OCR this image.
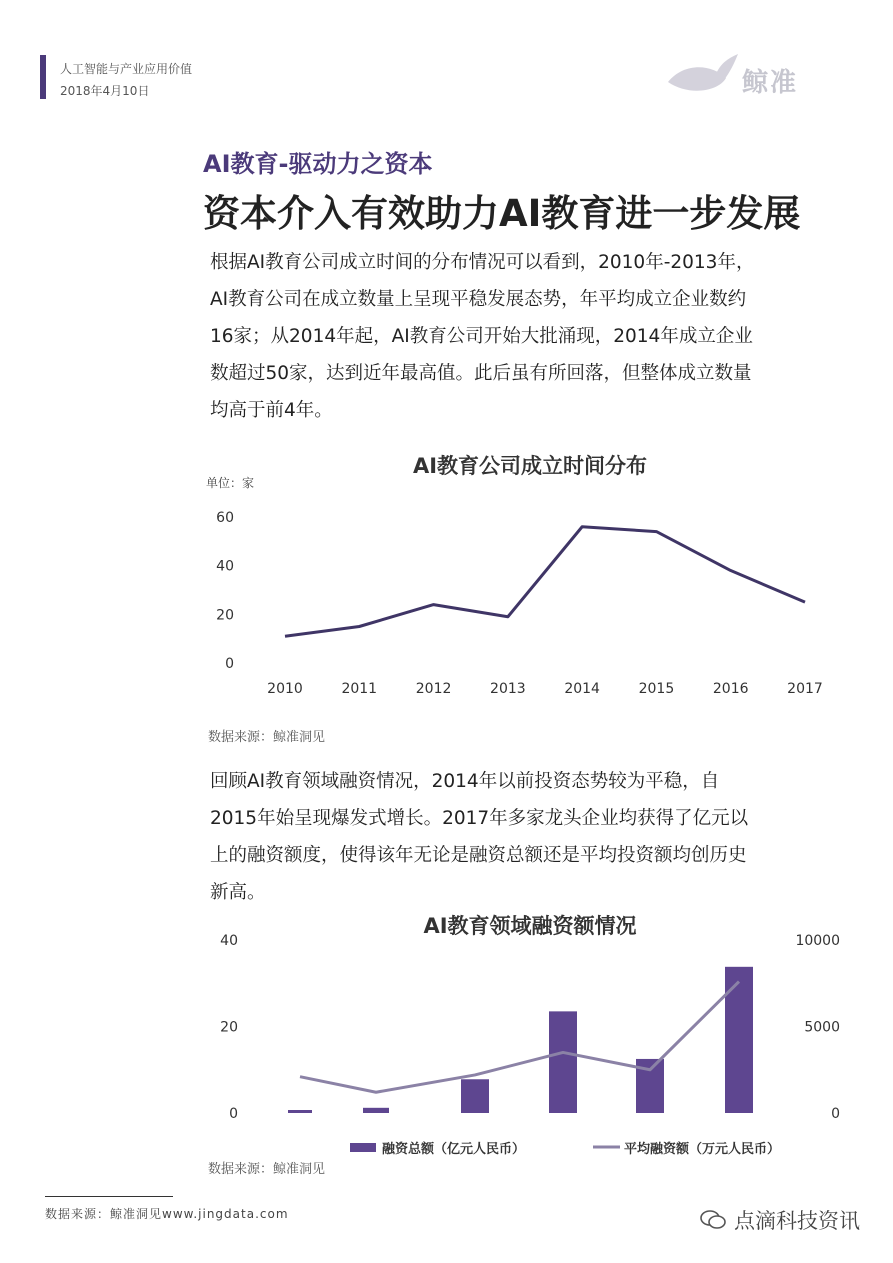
人工智能与产业应用价值
2018年4月10日	鲸准
AI教育-驱动力之资本
资本介入有效助力AI教育进一步发展
根据AI教育公司成立时间的分布情况可以看到，2010年-2013年，
AI教育公司在成立数量上呈现平稳发展态势，年平均成立企业数约
16家；从2014年起，AI教育公司开始大批涌现，2014年成立企业
数超过50家，达到近年最高值。此后虽有所回落，但整体成立数量
均高于前4年。
AI教育公司成立时间分布
单位：家
0
20
40
60
2010	2011	2012	2013	2014	2015	2016	2017
数据来源：鲸准洞见
回顾AI教育领域融资情况，2014年以前投资态势较为平稳，自
2015年始呈现爆发式增长。2017年多家龙头企业均获得了亿元以
上的融资额度，使得该年无论是融资总额还是平均投资额均创历史
新高。
AI教育领域融资额情况
0
20
40
0
5000
10000
融资总额（亿元人民币）	平均融资额（万元人民币）
数据来源：鲸准洞见
数据来源：鲸准洞见www.jingdata.com	点滴科技资讯
